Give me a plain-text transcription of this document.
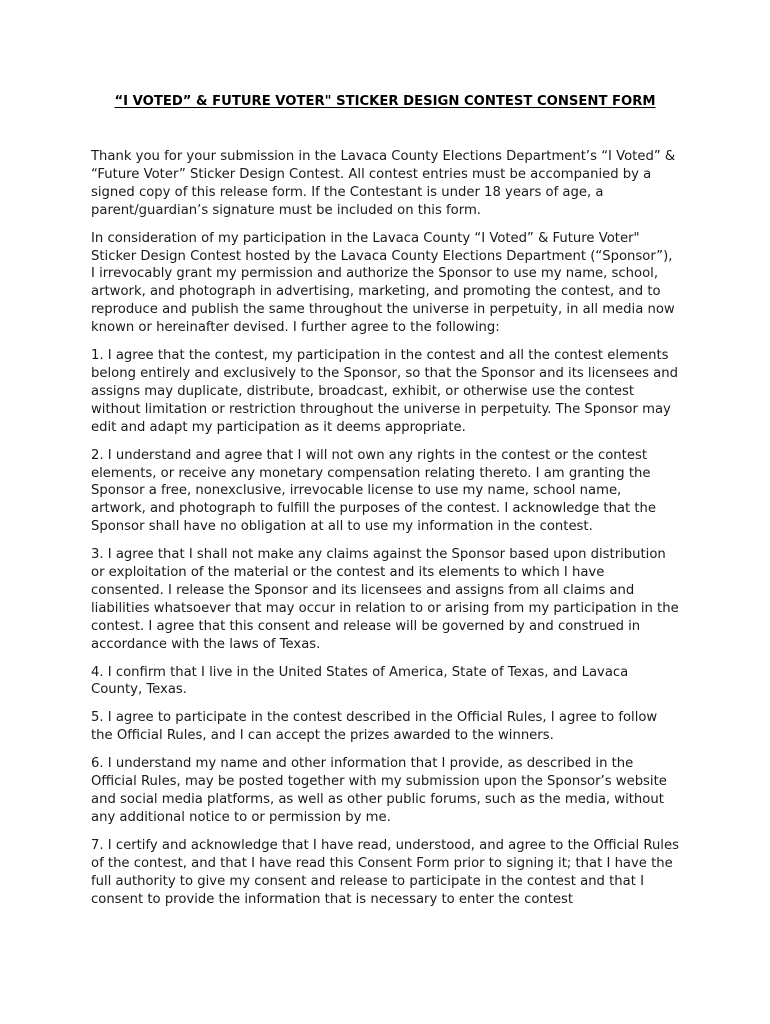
“I VOTED” & FUTURE VOTER" STICKER DESIGN CONTEST CONSENT FORM

Thank you for your submission in the Lavaca County Elections Department’s “I Voted” & “Future Voter” Sticker Design Contest. All contest entries must be accompanied by a signed copy of this release form. If the Contestant is under 18 years of age, a parent/guardian’s signature must be included on this form.

In consideration of my participation in the Lavaca County “I Voted” & Future Voter" Sticker Design Contest hosted by the Lavaca County Elections Department (“Sponsor”), I irrevocably grant my permission and authorize the Sponsor to use my name, school, artwork, and photograph in advertising, marketing, and promoting the contest, and to reproduce and publish the same throughout the universe in perpetuity, in all media now known or hereinafter devised. I further agree to the following:

1. I agree that the contest, my participation in the contest and all the contest elements belong entirely and exclusively to the Sponsor, so that the Sponsor and its licensees and assigns may duplicate, distribute, broadcast, exhibit, or otherwise use the contest without limitation or restriction throughout the universe in perpetuity. The Sponsor may edit and adapt my participation as it deems appropriate.

2. I understand and agree that I will not own any rights in the contest or the contest elements, or receive any monetary compensation relating thereto. I am granting the Sponsor a free, nonexclusive, irrevocable license to use my name, school name, artwork, and photograph to fulfill the purposes of the contest. I acknowledge that the Sponsor shall have no obligation at all to use my information in the contest.

3. I agree that I shall not make any claims against the Sponsor based upon distribution or exploitation of the material or the contest and its elements to which I have consented. I release the Sponsor and its licensees and assigns from all claims and liabilities whatsoever that may occur in relation to or arising from my participation in the contest. I agree that this consent and release will be governed by and construed in accordance with the laws of Texas.

4. I confirm that I live in the United States of America, State of Texas, and Lavaca County, Texas.

5. I agree to participate in the contest described in the Official Rules, I agree to follow the Official Rules, and I can accept the prizes awarded to the winners.

6. I understand my name and other information that I provide, as described in the Official Rules, may be posted together with my submission upon the Sponsor’s website and social media platforms, as well as other public forums, such as the media, without any additional notice to or permission by me.

7. I certify and acknowledge that I have read, understood, and agree to the Official Rules of the contest, and that I have read this Consent Form prior to signing it; that I have the full authority to give my consent and release to participate in the contest and that I consent to provide the information that is necessary to enter the contest
